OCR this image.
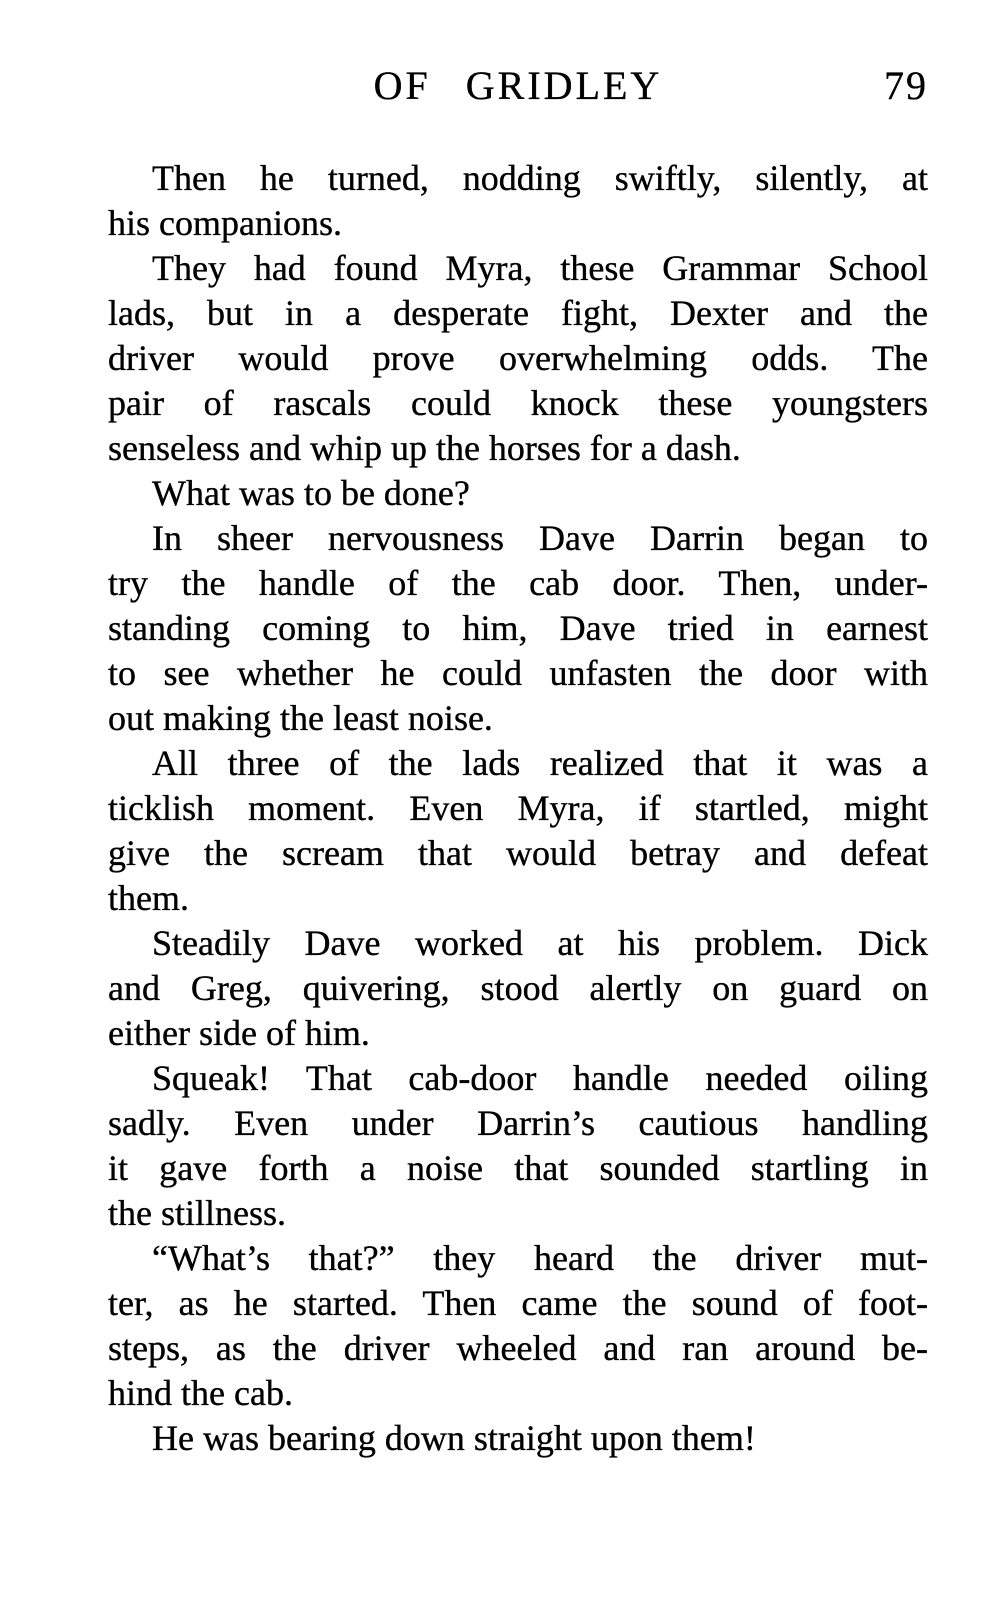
OF GRIDLEY	79
Then he turned, nodding swiftly, silently, at
his companions.
They had found Myra, these Grammar School
lads, but in a desperate fight, Dexter and the
driver would prove overwhelming odds. The
pair of rascals could knock these youngsters
senseless and whip up the horses for a dash.
What was to be done?
In sheer nervousness Dave Darrin began to
try the handle of the cab door. Then, under-
standing coming to him, Dave tried in earnest
to see whether he could unfasten the door with
out making the least noise.
All three of the lads realized that it was a
ticklish moment. Even Myra, if startled, might
give the scream that would betray and defeat
them.
Steadily Dave worked at his problem. Dick
and Greg, quivering, stood alertly on guard on
either side of him.
Squeak! That cab-door handle needed oiling
sadly. Even under Darrin’s cautious handling
it gave forth a noise that sounded startling in
the stillness.
“What’s that?” they heard the driver mut-
ter, as he started. Then came the sound of foot-
steps, as the driver wheeled and ran around be-
hind the cab.
He was bearing down straight upon them!
